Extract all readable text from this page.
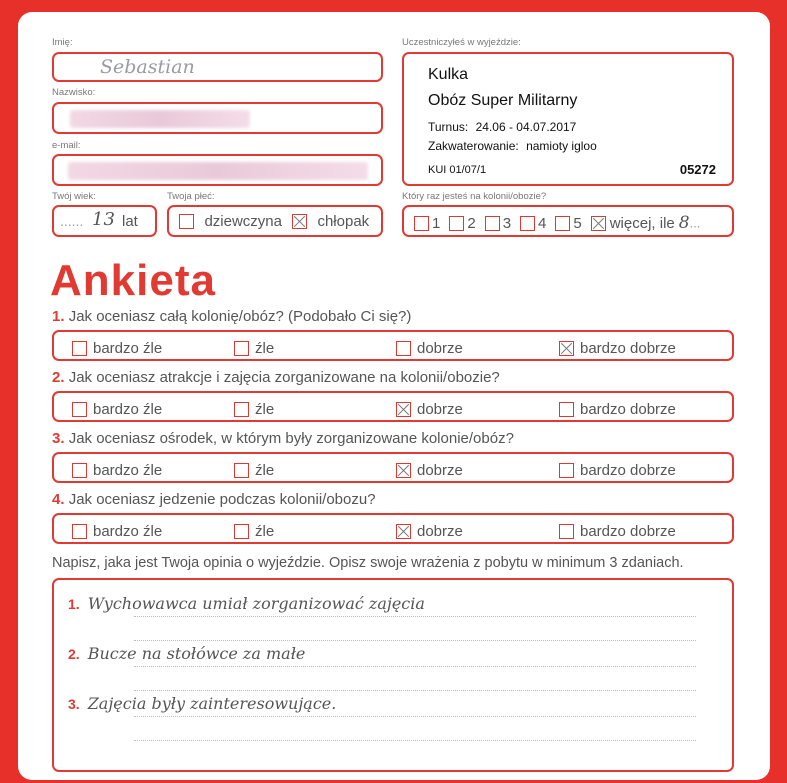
Imię:
Sebastian
Nazwisko:
e-mail:
Twój wiek:
...... 13 lat
Twoja płeć:
dziewczyna	chłopak
Uczestniczyłeś w wyjeździe:
Kulka
Obóz Super Militarny
Turnus: 24.06 - 04.07.2017
Zakwaterowanie: namioty igloo
KUI 01/07/1	05272
Który raz jesteś na kolonii/obozie?
1 2 3 4 5 więcej, ile 8...
Ankieta
1. Jak oceniasz całą kolonię/obóz? (Podobało Ci się?)
bardzo źle	źle	dobrze	bardzo dobrze
2. Jak oceniasz atrakcje i zajęcia zorganizowane na kolonii/obozie?
bardzo źle	źle	dobrze	bardzo dobrze
3. Jak oceniasz ośrodek, w którym były zorganizowane kolonie/obóz?
bardzo źle	źle	dobrze	bardzo dobrze
4. Jak oceniasz jedzenie podczas kolonii/obozu?
bardzo źle	źle	dobrze	bardzo dobrze
Napisz, jaka jest Twoja opinia o wyjeździe. Opisz swoje wrażenia z pobytu w minimum 3 zdaniach.
1. Wychowawca umiał zorganizować zajęcia
2. Bucze na stołówce za małe
3. Zajęcia były zainteresowujące.
